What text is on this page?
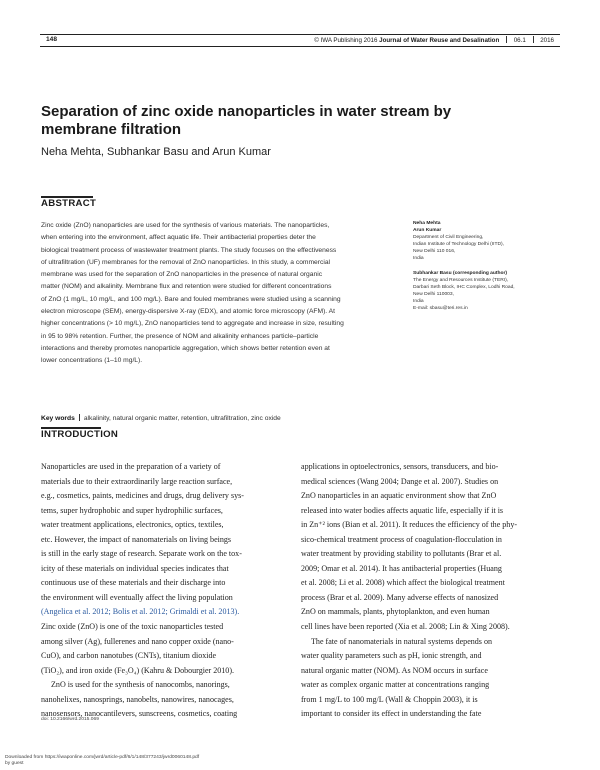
148	© IWA Publishing 2016 Journal of Water Reuse and Desalination 06.1 2016
Separation of zinc oxide nanoparticles in water stream by
membrane filtration
Neha Mehta, Subhankar Basu and Arun Kumar
ABSTRACT
Zinc oxide (ZnO) nanoparticles are used for the synthesis of various materials. The nanoparticles,
when entering into the environment, affect aquatic life. Their antibacterial properties deter the
biological treatment process of wastewater treatment plants. The study focuses on the effectiveness
of ultrafiltration (UF) membranes for the removal of ZnO nanoparticles. In this study, a commercial
membrane was used for the separation of ZnO nanoparticles in the presence of natural organic
matter (NOM) and alkalinity. Membrane flux and retention were studied for different concentrations
of ZnO (1 mg/L, 10 mg/L, and 100 mg/L). Bare and fouled membranes were studied using a scanning
electron microscope (SEM), energy-dispersive X-ray (EDX), and atomic force microscopy (AFM). At
higher concentrations (> 10 mg/L), ZnO nanoparticles tend to aggregate and increase in size, resulting
in 95 to 98% retention. Further, the presence of NOM and alkalinity enhances particle–particle
interactions and thereby promotes nanoparticle aggregation, which shows better retention even at
lower concentrations (1–10 mg/L).
Key words alkalinity, natural organic matter, retention, ultrafiltration, zinc oxide
Neha Mehta
Arun Kumar
Department of Civil Engineering,
Indian Institute of Technology Delhi (IITD),
New Delhi 110 016,
India
Subhankar Basu (corresponding author)
The Energy and Resources Institute (TERI),
Darbari Seth Block, IHC Complex, Lodhi Road,
New Delhi 110003,
India
E-mail: sbasu@teri.res.in
INTRODUCTION
Nanoparticles are used in the preparation of a variety of
materials due to their extraordinarily large reaction surface,
e.g., cosmetics, paints, medicines and drugs, drug delivery sys-
tems, super hydrophobic and super hydrophilic surfaces,
water treatment applications, electronics, optics, textiles,
etc. However, the impact of nanomaterials on living beings
is still in the early stage of research. Separate work on the tox-
icity of these materials on individual species indicates that
continuous use of these materials and their discharge into
the environment will eventually affect the living population
(Angelica et al. 2012; Bolis et al. 2012; Grimaldi et al. 2013).
Zinc oxide (ZnO) is one of the toxic nanoparticles tested
among silver (Ag), fullerenes and nano copper oxide (nano-
CuO), and carbon nanotubes (CNTs), titanium dioxide
(TiO₂), and iron oxide (Fe₃O₄) (Kahru & Dobourgier 2010).
ZnO is used for the synthesis of nanocombs, nanorings,
nanohelixes, nanosprings, nanobelts, nanowires, nanocages,
nanosensors, nanocantilevers, sunscreens, cosmetics, coating
applications in optoelectronics, sensors, transducers, and bio-
medical sciences (Wang 2004; Dange et al. 2007). Studies on
ZnO nanoparticles in an aquatic environment show that ZnO
released into water bodies affects aquatic life, especially if it is
in Zn⁺² ions (Bian et al. 2011). It reduces the efficiency of the phy-
sico-chemical treatment process of coagulation-flocculation in
water treatment by providing stability to pollutants (Brar et al.
2009; Omar et al. 2014). It has antibacterial properties (Huang
et al. 2008; Li et al. 2008) which affect the biological treatment
process (Brar et al. 2009). Many adverse effects of nanosized
ZnO on mammals, plants, phytoplankton, and even human
cell lines have been reported (Xia et al. 2008; Lin & Xing 2008).
The fate of nanomaterials in natural systems depends on
water quality parameters such as pH, ionic strength, and
natural organic matter (NOM). As NOM occurs in surface
water as complex organic matter at concentrations ranging
from 1 mg/L to 100 mg/L (Wall & Choppin 2003), it is
important to consider its effect in understanding the fate
doi: 10.2166/wrd.2015.069
Downloaded from https://iwaponline.com/jwrd/article-pdf/6/1/148/377243/jwrd0060148.pdf
by guest
